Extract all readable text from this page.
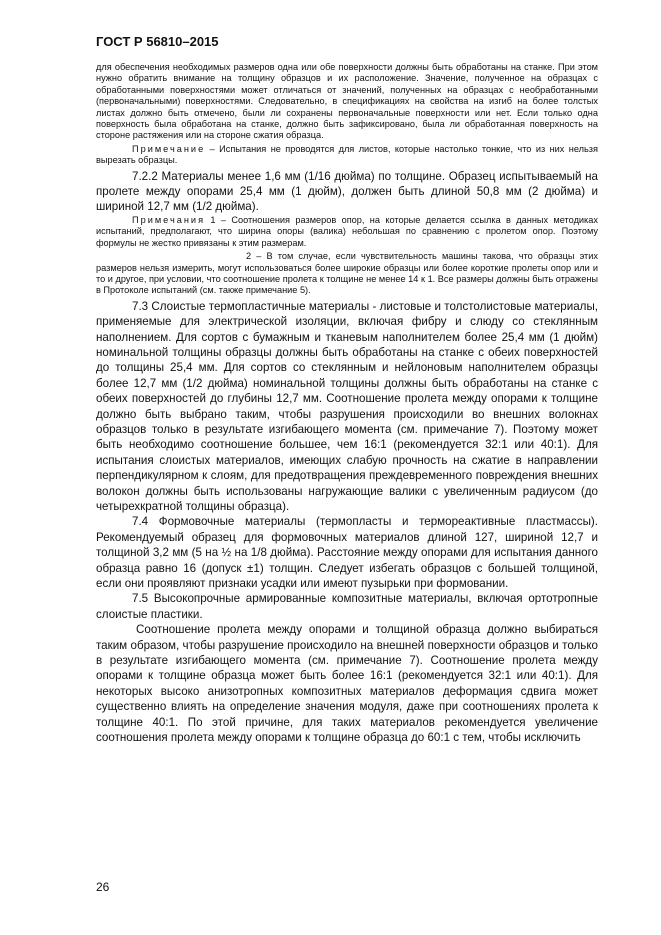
ГОСТ Р 56810–2015

для обеспечения необходимых размеров одна или обе поверхности должны быть обработаны на станке. При этом нужно обратить внимание на толщину образцов и их расположение. Значение, полученное на образцах с обработанными поверхностями может отличаться от значений, полученных на образцах с необработанными (первоначальными) поверхностями. Следовательно, в спецификациях на свойства на изгиб на более толстых листах должно быть отмечено, были ли сохранены первоначальные поверхности или нет. Если только одна поверхность была обработана на станке, должно быть зафиксировано, была ли обработанная поверхность на стороне растяжения или на стороне сжатия образца.

Примечание – Испытания не проводятся для листов, которые настолько тонкие, что из них нельзя вырезать образцы.

7.2.2 Материалы менее 1,6 мм (1/16 дюйма) по толщине. Образец испытываемый на пролете между опорами 25,4 мм (1 дюйм), должен быть длиной 50,8 мм (2 дюйма) и шириной 12,7 мм (1/2 дюйма).

Примечания 1 – Соотношения размеров опор, на которые делается ссылка в данных методиках испытаний, предполагают, что ширина опоры (валика) небольшая по сравнению с пролетом опор. Поэтому формулы не жестко привязаны к этим размерам.

2 – В том случае, если чувствительность машины такова, что образцы этих размеров нельзя измерить, могут использоваться более широкие образцы или более короткие пролеты опор или и то и другое, при условии, что соотношение пролета к толщине не менее 14 к 1. Все размеры должны быть отражены в Протоколе испытаний (см. также примечание 5).

7.3 Слоистые термопластичные материалы - листовые и толстолистовые материалы, применяемые для электрической изоляции, включая фибру и слюду со стеклянным наполнением. Для сортов с бумажным и тканевым наполнителем более 25,4 мм (1 дюйм) номинальной толщины образцы должны быть обработаны на станке с обеих поверхностей до толщины 25,4 мм. Для сортов со стеклянным и нейлоновым наполнителем образцы более 12,7 мм (1/2 дюйма) номинальной толщины должны быть обработаны на станке с обеих поверхностей до глубины 12,7 мм. Соотношение пролета между опорами к толщине должно быть выбрано таким, чтобы разрушения происходили во внешних волокнах образцов только в результате изгибающего момента (см. примечание 7). Поэтому может быть необходимо соотношение большее, чем 16:1 (рекомендуется 32:1 или 40:1). Для испытания слоистых материалов, имеющих слабую прочность на сжатие в направлении перпендикулярном к слоям, для предотвращения преждевременного повреждения внешних волокон должны быть использованы нагружающие валики с увеличенным радиусом (до четырехкратной толщины образца).

7.4 Формовочные материалы (термопласты и термореактивные пластмассы). Рекомендуемый образец для формовочных материалов длиной 127, шириной 12,7 и толщиной 3,2 мм (5 на ½ на 1/8 дюйма). Расстояние между опорами для испытания данного образца равно 16 (допуск ±1) толщин. Следует избегать образцов с большей толщиной, если они проявляют признаки усадки или имеют пузырьки при формовании.

7.5 Высокопрочные армированные композитные материалы, включая ортотропные слоистые пластики.

Соотношение пролета между опорами и толщиной образца должно выбираться таким образом, чтобы разрушение происходило на внешней поверхности образцов и только в результате изгибающего момента (см. примечание 7). Соотношение пролета между опорами к толщине образца может быть более 16:1 (рекомендуется 32:1 или 40:1). Для некоторых высоко анизотропных композитных материалов деформация сдвига может существенно влиять на определение значения модуля, даже при соотношениях пролета к толщине 40:1. По этой причине, для таких материалов рекомендуется увеличение соотношения пролета между опорами к толщине образца до 60:1 с тем, чтобы исключить

26
